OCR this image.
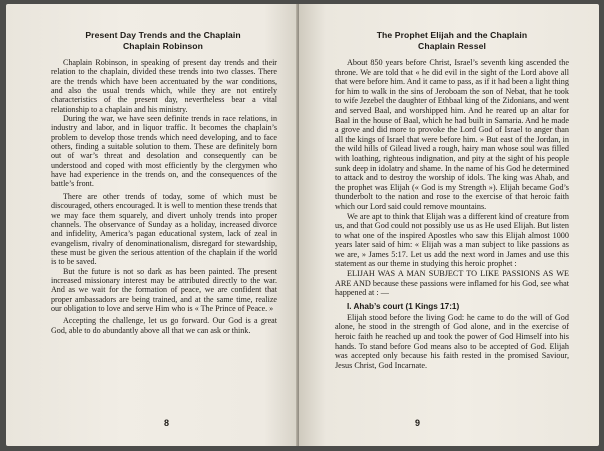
Present Day Trends and the Chaplain
Chaplain Robinson

Chaplain Robinson, in speaking of present day trends and their relation to the chaplain, divided these trends into two classes. There are the trends which have been accentuated by the war conditions, and also the usual trends which, while they are not entirely characteristics of the present day, nevertheless bear a vital relationship to a chaplain and his ministry.

During the war, we have seen definite trends in race relations, in industry and labor, and in liquor traffic. It becomes the chaplain’s problem to develop those trends which need developing, and to face others, finding a suitable solution to them. These are definitely born out of war’s threat and desolation and consequently can be understood and coped with most efficiently by the clergymen who have had experience in the trends on, and the consequences of the battle’s front.

There are other trends of today, some of which must be discouraged, others encouraged. It is well to mention these trends that we may face them squarely, and divert unholy trends into proper channels. The observance of Sunday as a holiday, increased divorce and infidelity, America’s pagan educational system, lack of zeal in evangelism, rivalry of denominationalism, disregard for stewardship, these must be given the serious attention of the chaplain if the world is to be saved.

But the future is not so dark as has been painted. The present increased missionary interest may be attributed directly to the war. And as we wait for the formation of peace, we are confident that proper ambassadors are being trained, and at the same time, realize our obligation to love and serve Him who is « The Prince of Peace. »

Accepting the challenge, let us go forward. Our God is a great God, able to do abundantly above all that we can ask or think.

8
The Prophet Elijah and the Chaplain
Chaplain Ressel

About 850 years before Christ, Israel’s seventh king ascended the throne. We are told that « he did evil in the sight of the Lord above all that were before him. And it came to pass, as if it had been a light thing for him to walk in the sins of Jeroboam the son of Nebat, that he took to wife Jezebel the daughter of Ethbaal king of the Zidonians, and went and served Baal, and worshipped him. And he reared up an altar for Baal in the house of Baal, which he had built in Samaria. And he made a grove and did more to provoke the Lord God of Israel to anger than all the kings of Israel that were before him. » But east of the Jordan, in the wild hills of Gilead lived a rough, hairy man whose soul was filled with loathing, righteous indignation, and pity at the sight of his people sunk deep in idolatry and shame. In the name of his God he determined to attack and to destroy the worship of idols. The king was Ahab, and the prophet was Elijah (« God is my Strength »). Elijah became God’s thunderbolt to the nation and rose to the exercise of that heroic faith which our Lord said could remove mountains.

We are apt to think that Elijah was a different kind of creature from us, and that God could not possibly use us as He used Elijah. But listen to what one of the inspired Apostles who saw this Elijah almost 1000 years later said of him: « Elijah was a man subject to like passions as we are, » James 5:17. Let us add the next word in James and use this statement as our theme in studying this heroic prophet :

ELIJAH WAS A MAN SUBJECT TO LIKE PASSIONS AS WE ARE AND because these passions were inflamed for his God, see what happened at : —

I. Ahab’s court (1 Kings 17:1)

Elijah stood before the living God: he came to do the will of God alone, he stood in the strength of God alone, and in the exercise of heroic faith he reached up and took the power of God Himself into his hands. To stand before God means also to be accepted of God. Elijah was accepted only because his faith rested in the promised Saviour, Jesus Christ, God Incarnate.

9
